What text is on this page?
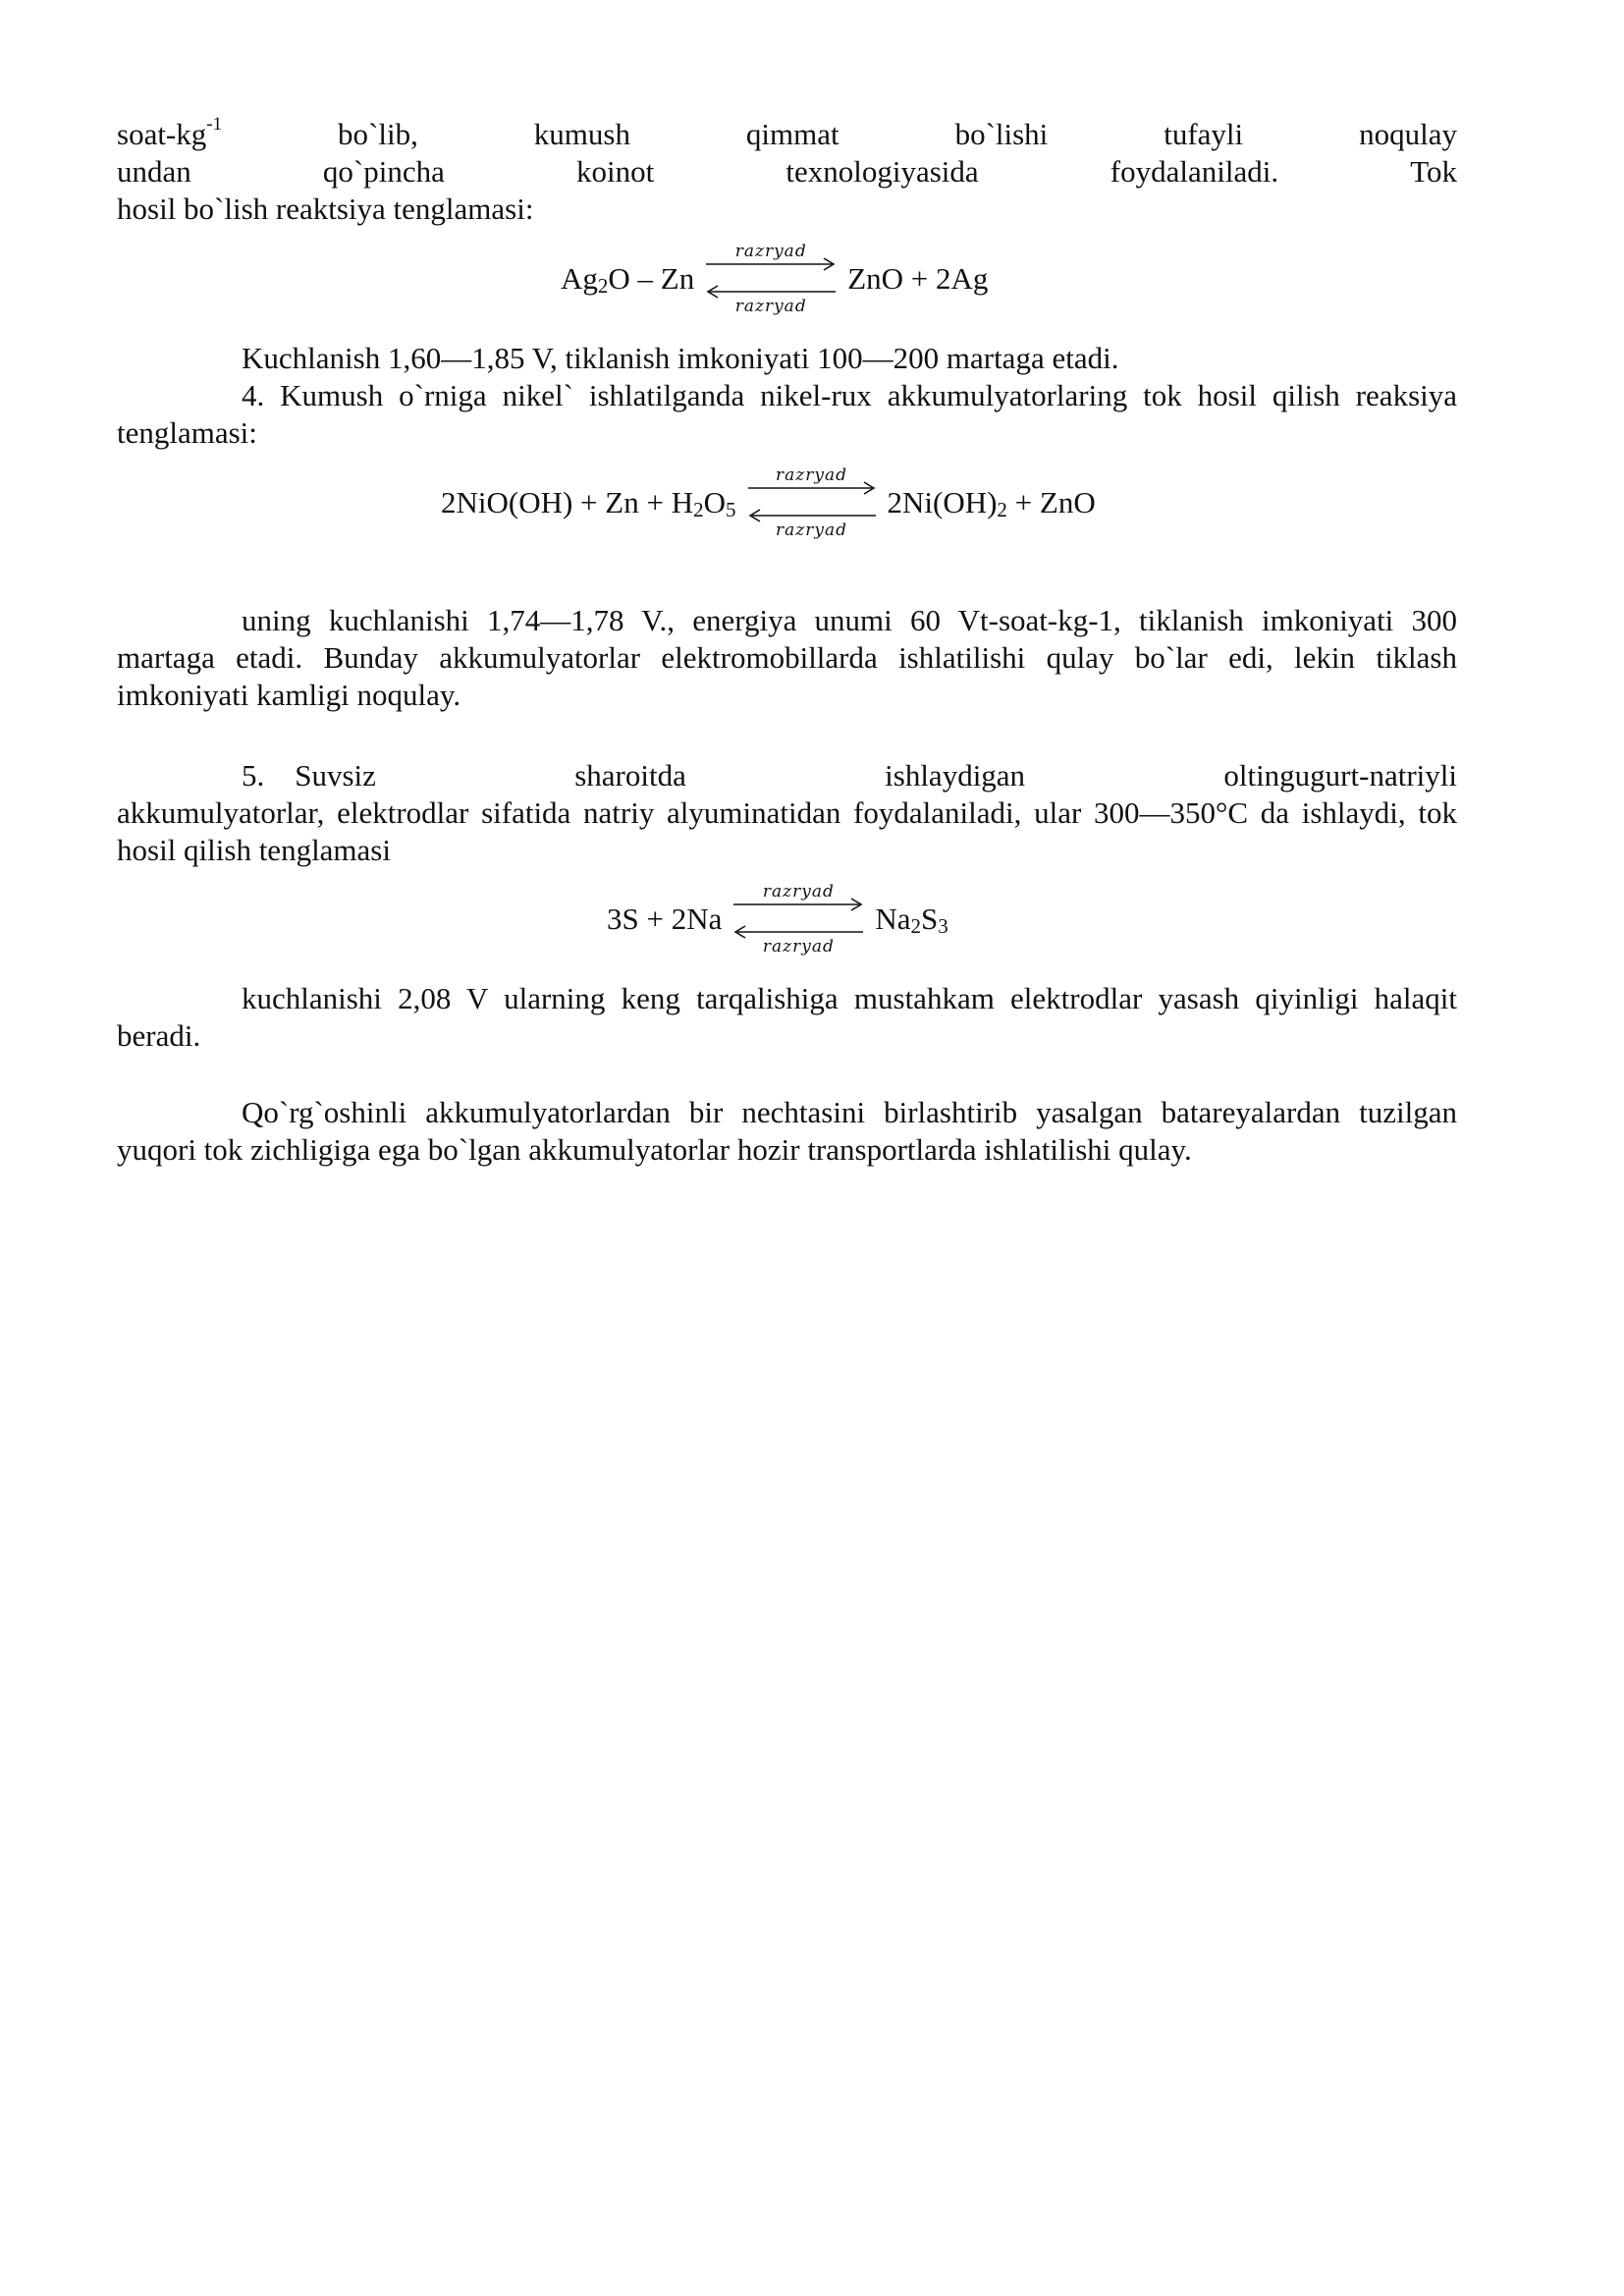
soat-$kg^{-1}$	bo`lib,	kumush	qimmat	bo`lishi	tufayli	noqulay
undan	qo`pincha	koinot	texnologiyasida	foydalaniladi.	Tok

hosil bo`lish reaktsiya tenglamasi:

$Ag_2O$ – Zn
razryad
razryad
ZnO + 2Ag

Kuchlanish 1,60—1,85 V, tiklanish imkoniyati 100—200 martaga etadi.

4. Kumush o`rniga nikel` ishlatilganda nikel-rux akkumulyatorlaring tok hosil qilish reaksiya tenglamasi:

$2NiO(OH) + Zn + H_2O_5$
razryad
razryad
$2Ni(OH)_2$ + ZnO

uning kuchlanishi 1,74—1,78 V., energiya unumi 60 Vt-soat-kg-1, tiklanish imkoniyati 300 martaga etadi. Bunday akkumulyatorlar elektromobillarda ishlatilishi qulay bo`lar edi, lekin tiklash imkoniyati kamligi noqulay.

5.    Suvsiz	sharoitda	ishlaydigan	oltingugurt-natriyli

akkumulyatorlar, elektrodlar sifatida natriy alyuminatidan foydalaniladi, ular 300—350°C da ishlaydi, tok hosil qilish tenglamasi

3S + 2Na
razryad
razryad
$Na_2S_3$

kuchlanishi 2,08 V ularning keng tarqalishiga mustahkam elektrodlar yasash qiyinligi halaqit beradi.

Qo`rg`oshinli akkumulyatorlardan bir nechtasini birlashtirib yasalgan batareyalardan tuzilgan yuqori tok zichligiga ega bo`lgan akkumulyatorlar hozir transportlarda ishlatilishi qulay.
